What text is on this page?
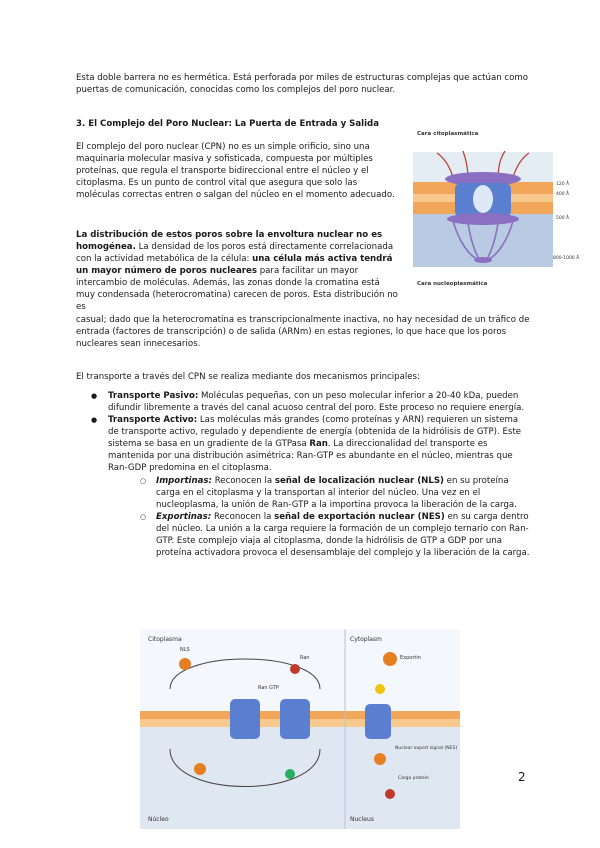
Esta doble barrera no es hermética. Está perforada por miles de estructuras complejas que actúan como puertas de comunicación, conocidas como los complejos del poro nuclear.
3. El Complejo del Poro Nuclear: La Puerta de Entrada y Salida
El complejo del poro nuclear (CPN) no es un simple orificio, sino una maquinaria molecular masiva y sofisticada, compuesta por múltiples proteínas, que regula el transporte bidireccional entre el núcleo y el citoplasma. Es un punto de control vital que asegura que solo las moléculas correctas entren o salgan del núcleo en el momento adecuado.
La distribución de estos poros sobre la envoltura nuclear no es homogénea. La densidad de los poros está directamente correlacionada con la actividad metabólica de la célula: una célula más activa tendrá un mayor número de poros nucleares para facilitar un mayor intercambio de moléculas. Además, las zonas donde la cromatina está muy condensada (heterocromatina) carecen de poros. Esta distribución no es
casual; dado que la heterocromatina es transcripcionalmente inactiva, no hay necesidad de un tráfico de entrada (factores de transcripción) o de salida (ARNm) en estas regiones, lo que hace que los poros nucleares sean innecesarios.
El transporte a través del CPN se realiza mediante dos mecanismos principales:
● Transporte Pasivo: Moléculas pequeñas, con un peso molecular inferior a 20-40 kDa, pueden difundir libremente a través del canal acuoso central del poro. Este proceso no requiere energía.
● Transporte Activo: Las moléculas más grandes (como proteínas y ARN) requieren un sistema de transporte activo, regulado y dependiente de energía (obtenida de la hidrólisis de GTP). Este sistema se basa en un gradiente de la GTPasa Ran. La direccionalidad del transporte es mantenida por una distribución asimétrica: Ran-GTP es abundante en el núcleo, mientras que Ran-GDP predomina en el citoplasma.
○ Importinas: Reconocen la señal de localización nuclear (NLS) en su proteína carga en el citoplasma y la transportan al interior del núcleo. Una vez en el nucleoplasma, la unión de Ran-GTP a la importina provoca la liberación de la carga.
○ Exportinas: Reconocen la señal de exportación nuclear (NES) en su carga dentro del núcleo. La unión a la carga requiere la formación de un complejo ternario con Ran-GTP. Este complejo viaja al citoplasma, donde la hidrólisis de GTP a GDP por una proteína activadora provoca el desensamblaje del complejo y la liberación de la carga.
Cara citoplasmática
120 Å
400 Å
500 Å
800-1000 Å
Cara nucleoplasmática
Citoplasma	Cytoplasm
Núcleo	Nucleus
NLS
Ran GTP
Ran	Exportin
Nuclear export signal (NES)
Cargo protein	2
